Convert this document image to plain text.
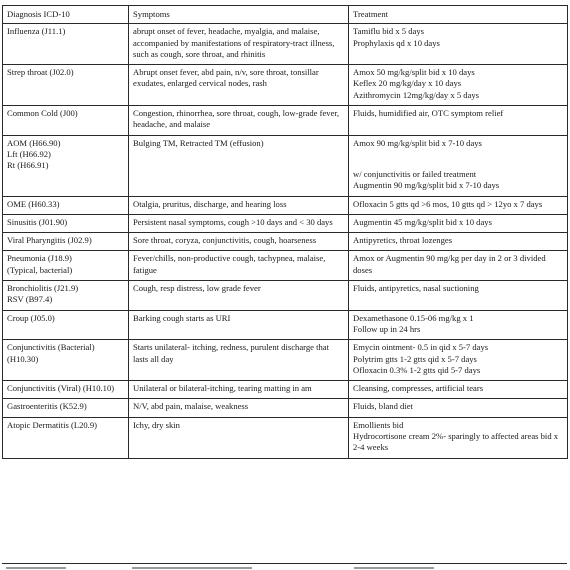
Diagnosis ICD-10	Symptoms	Treatment

Influenza (J11.1)	abrupt onset of fever, headache, myalgia, and malaise, accompanied by manifestations of respiratory-tract illness, such as cough, sore throat, and rhinitis	Tamiflu bid x 5 days
Prophylaxis qd x 10 days

Strep throat (J02.0)	Abrupt onset fever, abd pain, n/v, sore throat, tonsillar exudates, enlarged cervical nodes, rash	Amox 50 mg/kg/split bid x 10 days
Keflex 20 mg/kg/day x 10 days
Azithromycin 12mg/kg/day x 5 days

Common Cold (J00)	Congestion, rhinorrhea, sore throat, cough, low-grade fever, headache, and malaise	Fluids, humidified air, OTC symptom relief

AOM (H66.90)
Lft (H66.92)
Rt (H66.91)	Bulging TM, Retracted TM (effusion)	Amox 90 mg/kg/split bid x 7-10 days
w/ conjunctivitis or failed treatment
Augmentin 90 mg/kg/split bid x 7-10 days

OME (H60.33)	Otalgia, pruritus, discharge, and hearing loss	Ofloxacin 5 gtts qd >6 mos, 10 gtts qd > 12yo x 7 days

Sinusitis (J01.90)	Persistent nasal symptoms, cough >10 days and < 30 days	Augmentin 45 mg/kg/split bid x 10 days

Viral Pharyngitis (J02.9)	Sore throat, coryza, conjunctivitis, cough, hoarseness	Antipyretics, throat lozenges

Pneumonia (J18.9)
(Typical, bacterial)	Fever/chills, non-productive cough, tachypnea, malaise, fatigue	Amox or Augmentin 90 mg/kg per day in 2 or 3 divided doses

Bronchiolitis (J21.9)
RSV (B97.4)	Cough, resp distress, low grade fever	Fluids, antipyretics, nasal suctioning

Croup (J05.0)	Barking cough starts as URI	Dexamethasone 0.15-06 mg/kg x 1
Follow up in 24 hrs

Conjunctivitis (Bacterial) (H10.30)	Starts unilateral- itching, redness, purulent discharge that lasts all day	Emycin ointment- 0.5 in qid x 5-7 days
Polytrim gtts 1-2 gtts qid x 5-7 days
Ofloxacin 0.3% 1-2 gtts qid 5-7 days

Conjunctivitis (Viral) (H10.10)	Unilateral or bilateral-itching, tearing matting in am	Cleansing, compresses, artificial tears

Gastroenteritis (K52.9)	N/V, abd pain, malaise, weakness	Fluids, bland diet

Atopic Dermatitis (L20.9)	Ichy, dry skin	Emollients bid
Hydrocortisone cream 2%- sparingly to affected areas bid x 2-4 weeks
